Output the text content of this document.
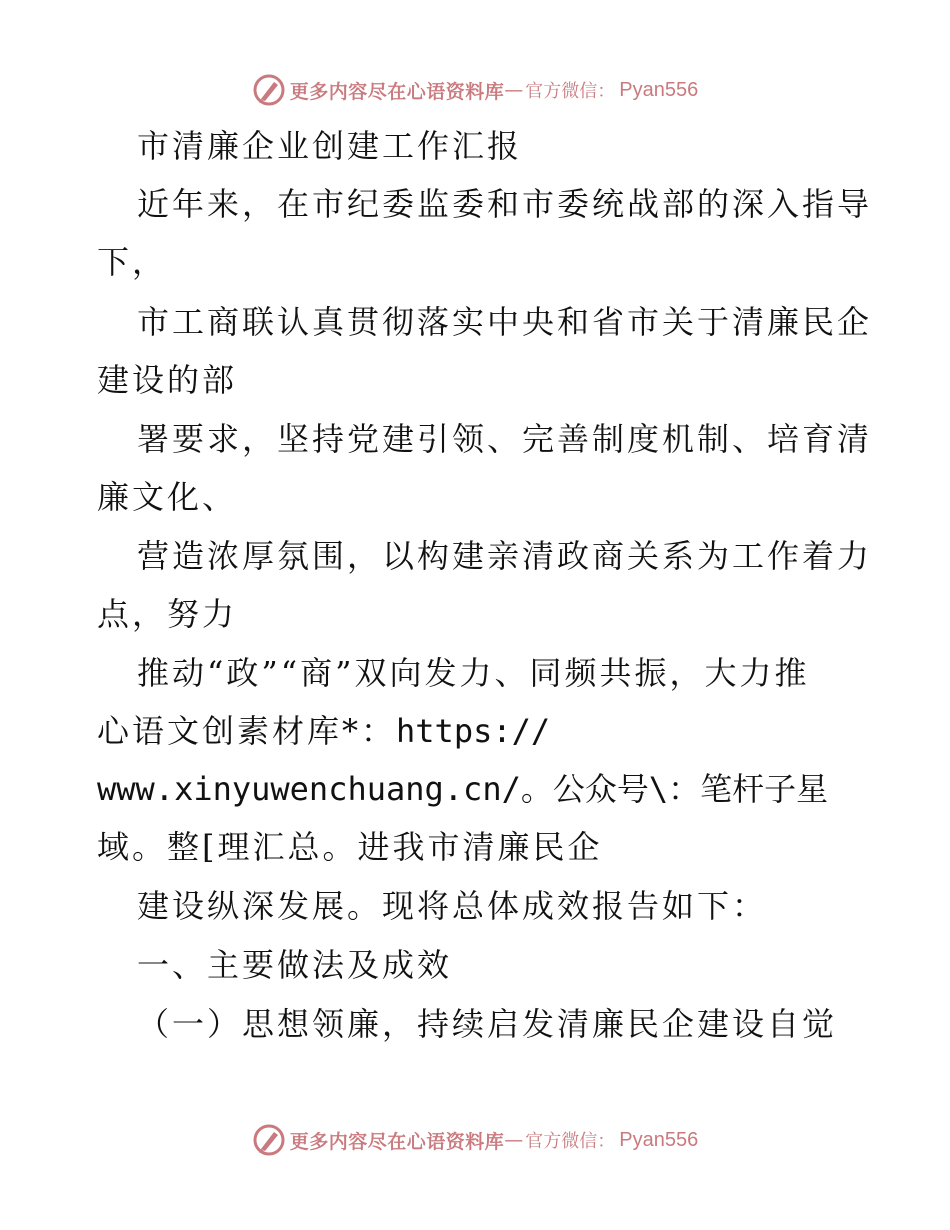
更多内容尽在心语资料库 — 官方微信： Pyan556
市清廉企业创建工作汇报
近年来，在市纪委监委和市委统战部的深入指导
下，
市工商联认真贯彻落实中央和省市关于清廉民企
建设的部
署要求，坚持党建引领、完善制度机制、培育清
廉文化、
营造浓厚氛围，以构建亲清政商关系为工作着力
点，努力
推动“政”“商”双向发力、同频共振，大力推
心语文创素材库*：https://
www.xinyuwenchuang.cn/。公众号\：笔杆子星
域。整[理汇总。进我市清廉民企
建设纵深发展。现将总体成效报告如下：
一、主要做法及成效
（一）思想领廉，持续启发清廉民企建设自觉
更多内容尽在心语资料库 — 官方微信： Pyan556
